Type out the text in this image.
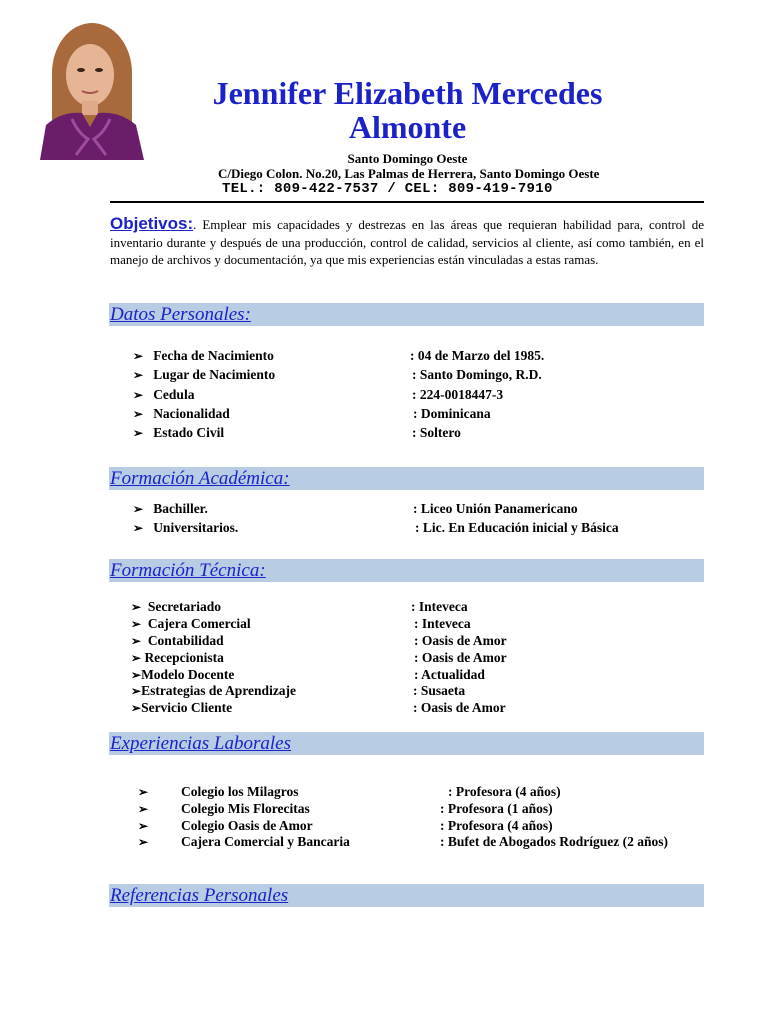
Jennifer Elizabeth Mercedes
Almonte
Santo Domingo Oeste
C/Diego Colon. No.20, Las Palmas de Herrera, Santo Domingo Oeste
TEL.: 809-422-7537 / CEL: 809-419-7910
Objetivos:. Emplear mis capacidades y destrezas en las áreas que requieran habilidad para, control de inventario durante y después de una producción, control de calidad, servicios al cliente, así como también, en el manejo de archivos y documentación, ya que mis experiencias están vinculadas a estas ramas.
Datos Personales:
➢ Fecha de Nacimiento	: 04 de Marzo del 1985.
➢ Lugar de Nacimiento	: Santo Domingo, R.D.
➢ Cedula	: 224-0018447-3
➢ Nacionalidad	: Dominicana
➢ Estado Civil	: Soltero
Formación Académica:
➢ Bachiller.	: Liceo Unión Panamericano
➢ Universitarios.	: Lic. En Educación inicial y Básica
Formación Técnica:
➢ Secretariado	: Inteveca
➢ Cajera Comercial	: Inteveca
➢ Contabilidad	: Oasis de Amor
➢ Recepcionista	: Oasis de Amor
➢Modelo Docente	: Actualidad
➢Estrategias de Aprendizaje	: Susaeta
➢Servicio Cliente	: Oasis de Amor
Experiencias Laborales
➢ Colegio los Milagros	: Profesora (4 años)
➢ Colegio Mis Florecitas	: Profesora (1 años)
➢ Colegio Oasis de Amor	: Profesora (4 años)
➢ Cajera Comercial y Bancaria	: Bufet de Abogados Rodríguez (2 años)
Referencias Personales
